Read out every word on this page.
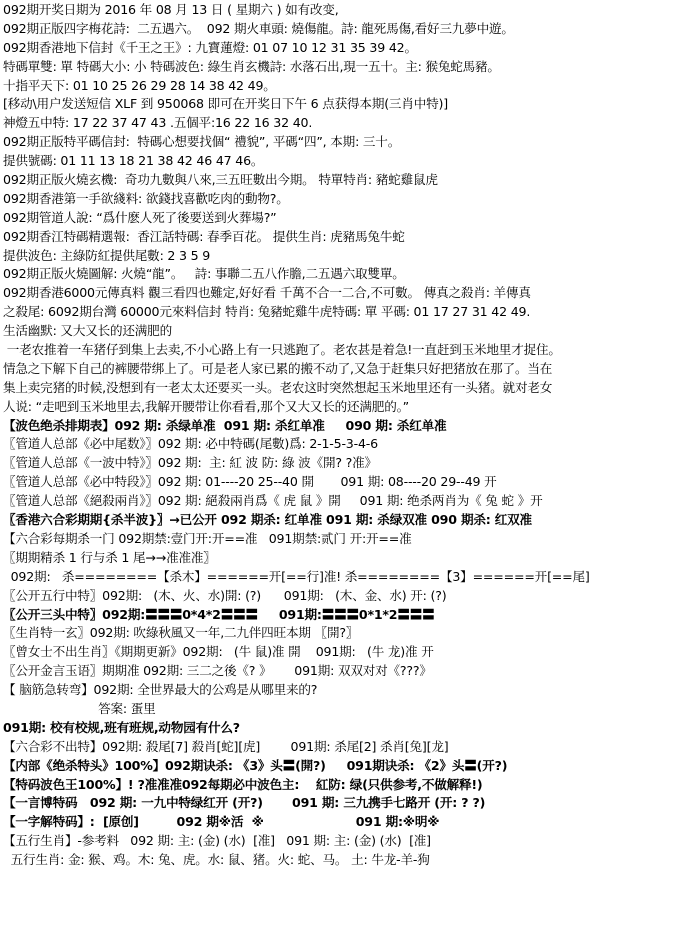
092期开奖日期为 2016 年 08 月 13 日 ( 星期六 ) 如有改变,
092期正版四字梅花詩:  二五遇六。  092 期火車頭: 燒傷龍。詩: 龍死馬傷,看好三九夢中遊。
092期香港地下信封《千王之王》: 九寶蓮燈: 01 07 10 12 31 35 39 42。
特碼單雙: 單 特碼大小: 小 特碼波色: 綠生肖玄機詩: 水落石出,現一五十。主: 猴兔蛇馬豬。
十指平天下: 01 10 25 26 29 28 14 38 42 49。
[移动\用户发送短信 XLF 到 950068 即可在开奖日下午 6 点获得本期(三肖中特)]
神燈五中特: 17 22 37 47 43 .五個平:16 22 16 32 40.
092期正版特平碼信封:  特碼心想要找個“ 禮貌”, 平碼“四”, 本期: 三十。
提供號碼: 01 11 13 18 21 38 42 46 47 46。
092期正版火燒玄機:  奇功九數與八來,三五旺數出今期。 特單特肖: 豬蛇雞鼠虎
092期香港第一手欲綫料: 欲錢找喜歡吃肉的動物?。
092期管道人說: “爲什麽人死了後要送到火葬場?”
092期香江特碼精選報:  香江話特碼: 春季百花。 提供生肖: 虎豬馬兔牛蛇
提供波色: 主綠防紅提供尾數: 2 3 5 9
092期正版火燒圖解: 火燒“龍”。   詩: 事聯二五八作膽,二五遇六取雙單。
092期香港6000元傳真料 觀三看四也難定,好好看 千萬不合一二合,不可數。 傳真之殺肖: 羊傳真
之殺尾: 6092期台灣 60000元來料信封 特肖: 兔豬蛇雞牛虎特碼: 單 平碼: 01 17 27 31 42 49.
生活幽默: 又大又长的还满肥的
一老农推着一车猪仔到集上去卖,不小心路上有一只逃跑了。老农甚是着急!一直赶到玉米地里才捉住。
情急之下解下自己的裤腰带绑上了。可是老人家已累的搬不动了,又急于赶集只好把猪放在那了。当在
集上卖完猪的时候,没想到有一老太太还要买一头。老农这时突然想起玉米地里还有一头猪。就对老女
人说: “走吧到玉米地里去,我解开腰带让你看看,那个又大又长的还满肥的。”
【波色绝杀排期表】092 期: 杀绿单准  091 期: 杀红单准     090 期: 杀红单准
〖管道人总部《必中尾数》〗092 期: 必中特碼(尾數)爲: 2-1-5-3-4-6
〖管道人总部《一波中特》〗092 期:  主: 紅 波 防: 綠 波《開? ?准》
〖管道人总部《必中特段》〗092 期: 01----20 25--40 開       091 期: 08----20 29--49 开
〖管道人总部《絕殺兩肖》〗092 期: 絕殺兩肖爲《 虎 鼠 》開     091 期: 绝杀两肖为《 兔 蛇 》开
〖香港六合彩期期{杀半波}〗→已公开 092 期杀: 红单准 091 期: 杀绿双准 090 期杀: 红双准
【六合彩每期杀一门 092期禁:壹门开:开==准   091期禁:贰门 开:开==准
〖期期精杀 1 行与杀 1 尾→→准准准〗
092期:   杀========【杀木】======开[==行]准! 杀========【3】======开[==尾]
〖公开五行中特〗092期:   (木、火、水)開: (?)      091期:   (木、金、水) 开: (?)
〖公开三头中特〗092期:〓〓〓0*4*2〓〓〓     091期:〓〓〓0*1*2〓〓〓
〖生肖特一玄〗092期: 吹綠秋風又一年,二九伴四旺本期 〖開?〗
〖曾女士不出生肖〗《期期更新》092期:   (牛 鼠)准 開    091期:   (牛 龙)准 开
〖公开金言玉语〗期期准 092期: 三二之後《? 》      091期: 双双对对《???》
【 脑筋急转弯】092期: 全世界最大的公鸡是从哪里来的?
答案: 蛋里
091期: 校有校规,班有班规,动物园有什么?
【六合彩不出特】092期: 殺尾[7] 殺肖[蛇][虎]        091期: 杀尾[2] 杀肖[兔][龙]
【内部《绝杀特头》100%】092期诀杀: 《3》头〓(開?)     091期诀杀: 《2》头〓(开?)
【特码波色王100%】! ?准准准092每期必中波色主:    紅防: 绿(只供参考,不做解释!)
【一言博特码   092 期: 一九中特绿红开 (开?)       091 期: 三九携手七路开 (开: ? ?)
【一字解特码】:  [原创]         092 期※活  ※                      091 期:※明※
【五行生肖】-参考料   092 期: 主: (金) (水)  [准]   091 期: 主: (金) (水)  [准]
五行生肖: 金: 猴、鸡。木: 兔、虎。水: 鼠、猪。火: 蛇、马。 土: 牛龙-羊-狗
